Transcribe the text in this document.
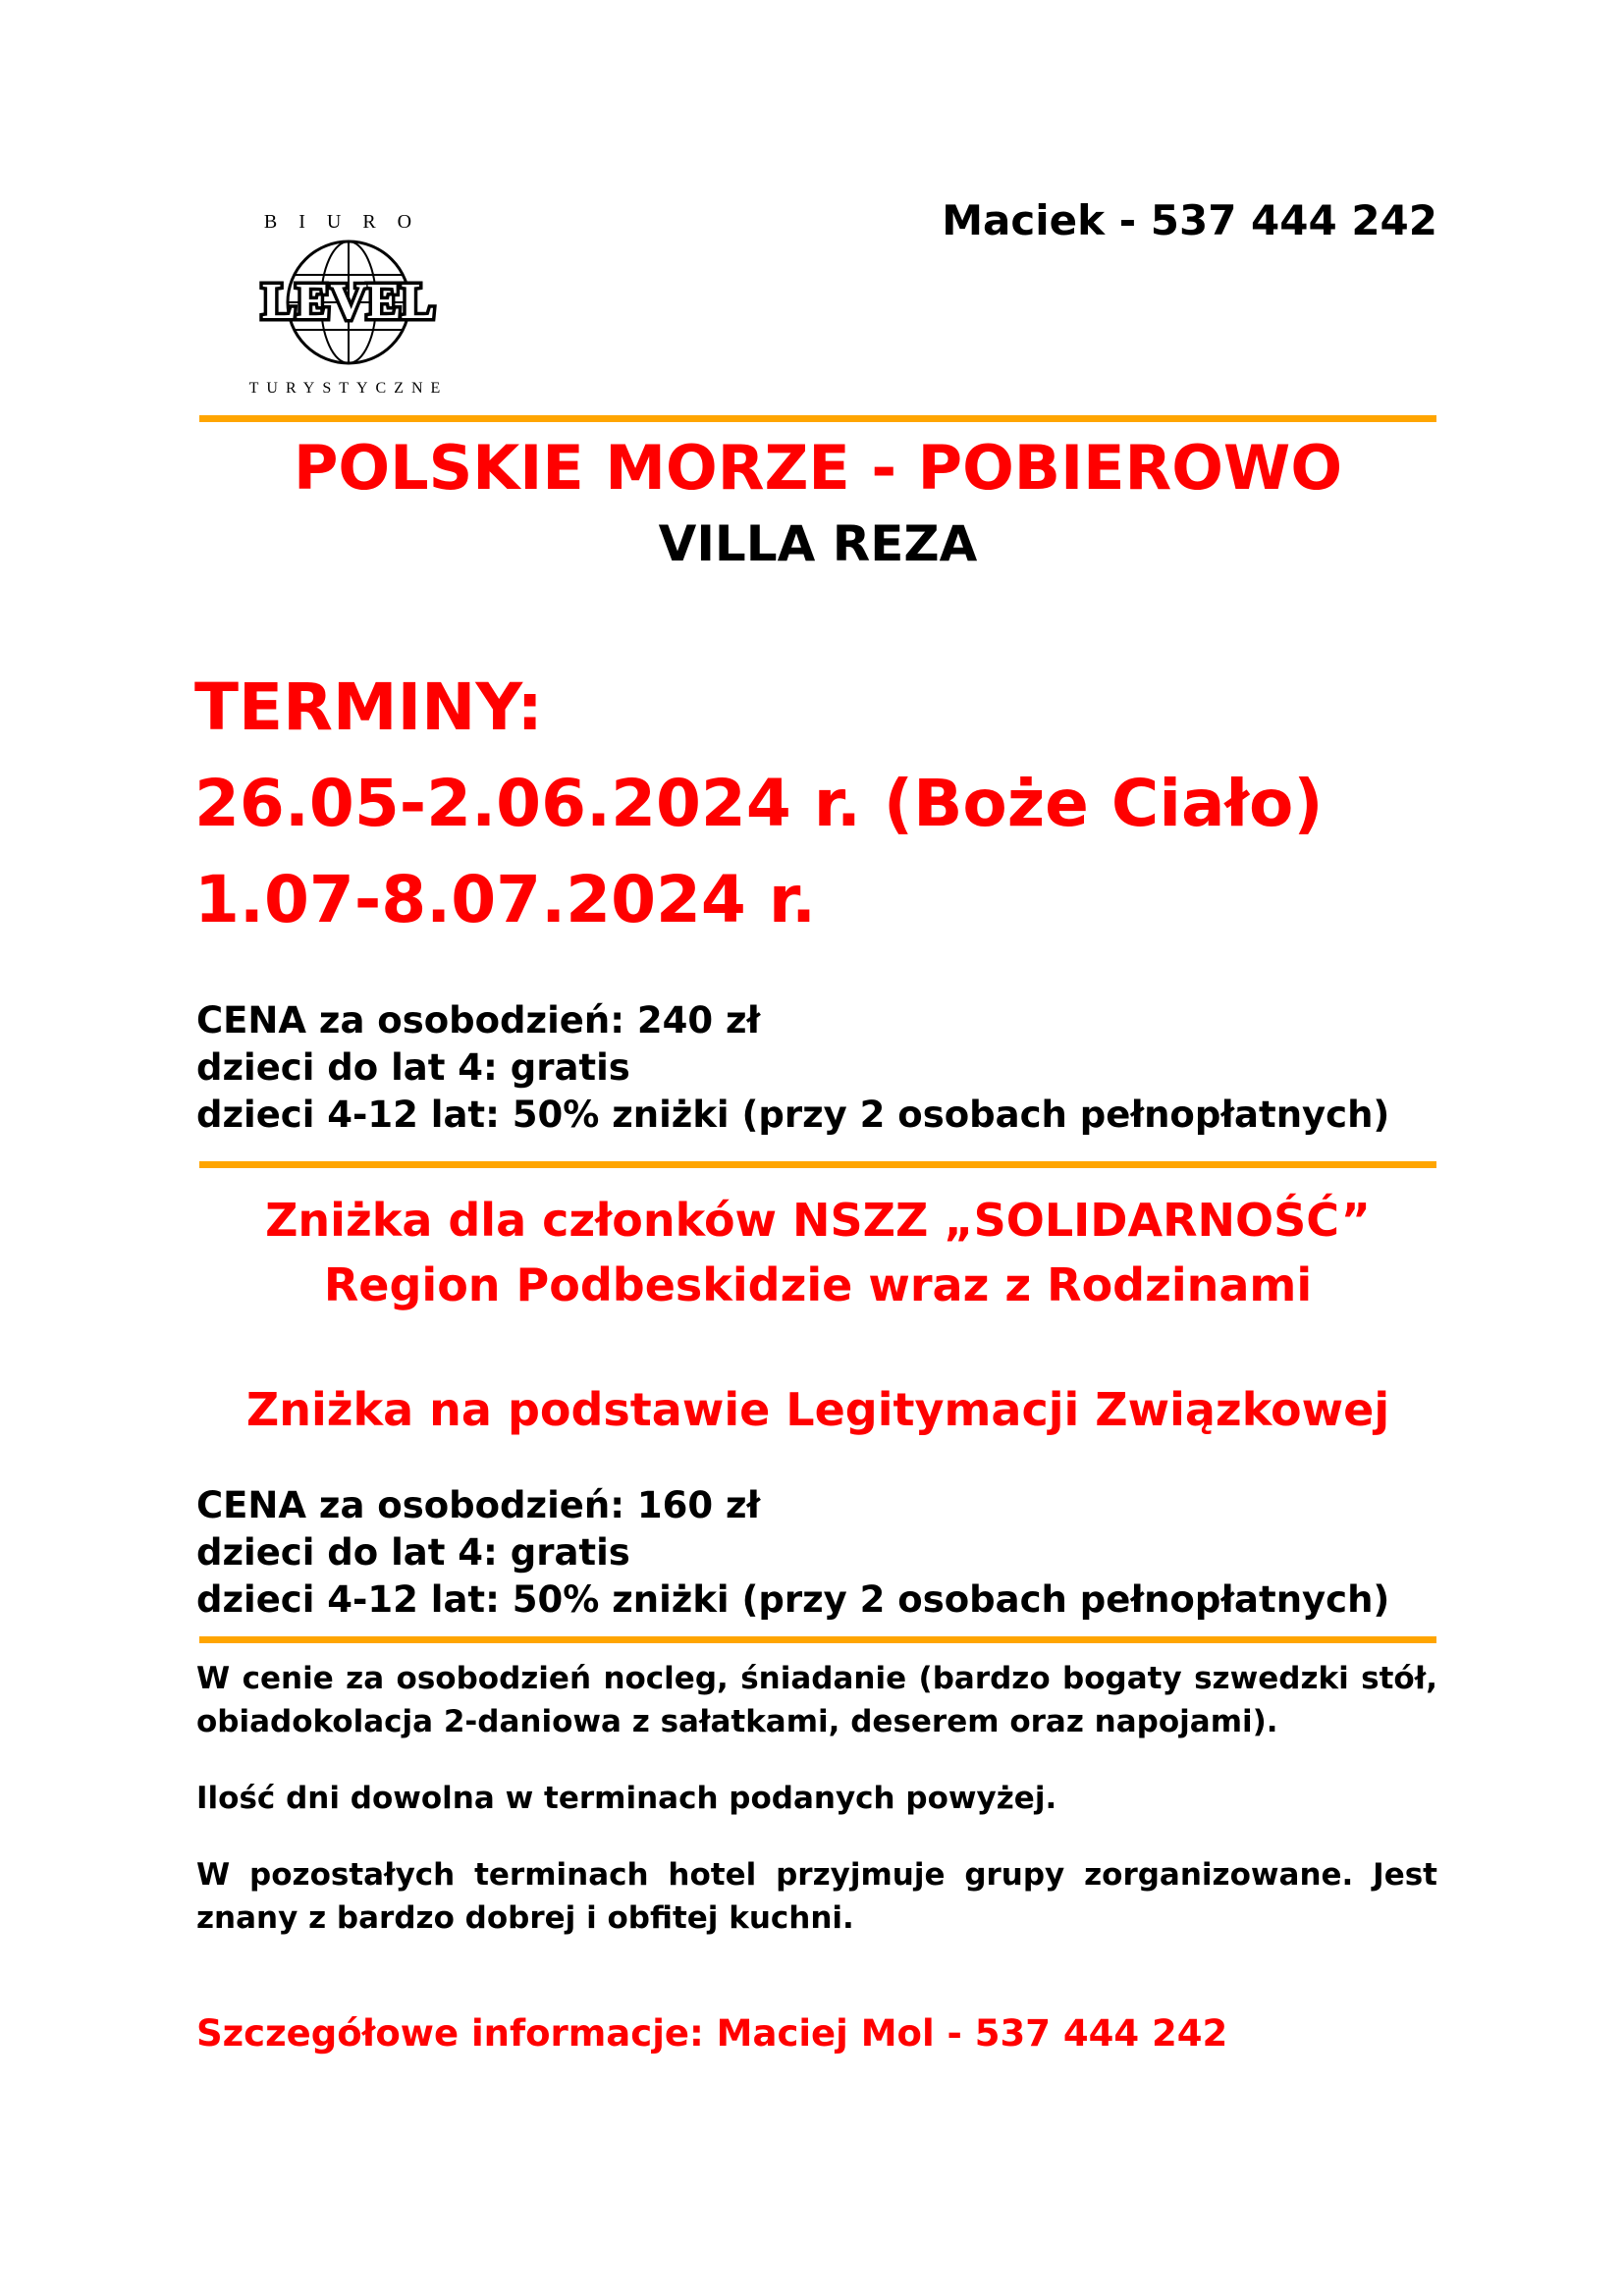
BIURO
TURYSTYCZNE
LEVEL
Maciek - 537 444 242
POLSKIE MORZE - POBIEROWO
VILLA REZA
TERMINY:
26.05-2.06.2024 r. (Boże Ciało)
1.07-8.07.2024 r.
CENA za osobodzień: 240 zł
dzieci do lat 4: gratis
dzieci 4-12 lat: 50% zniżki (przy 2 osobach pełnopłatnych)
Zniżka dla członków NSZZ „SOLIDARNOŚĆ”
Region Podbeskidzie wraz z Rodzinami
Zniżka na podstawie Legitymacji Związkowej
CENA za osobodzień: 160 zł
dzieci do lat 4: gratis
dzieci 4-12 lat: 50% zniżki (przy 2 osobach pełnopłatnych)
W cenie za osobodzień nocleg, śniadanie (bardzo bogaty szwedzki stół, obiadokolacja 2-daniowa z sałatkami, deserem oraz napojami).
Ilość dni dowolna w terminach podanych powyżej.
W pozostałych terminach hotel przyjmuje grupy zorganizowane. Jest znany z bardzo dobrej i obfitej kuchni.
Szczegółowe informacje: Maciej Mol - 537 444 242
